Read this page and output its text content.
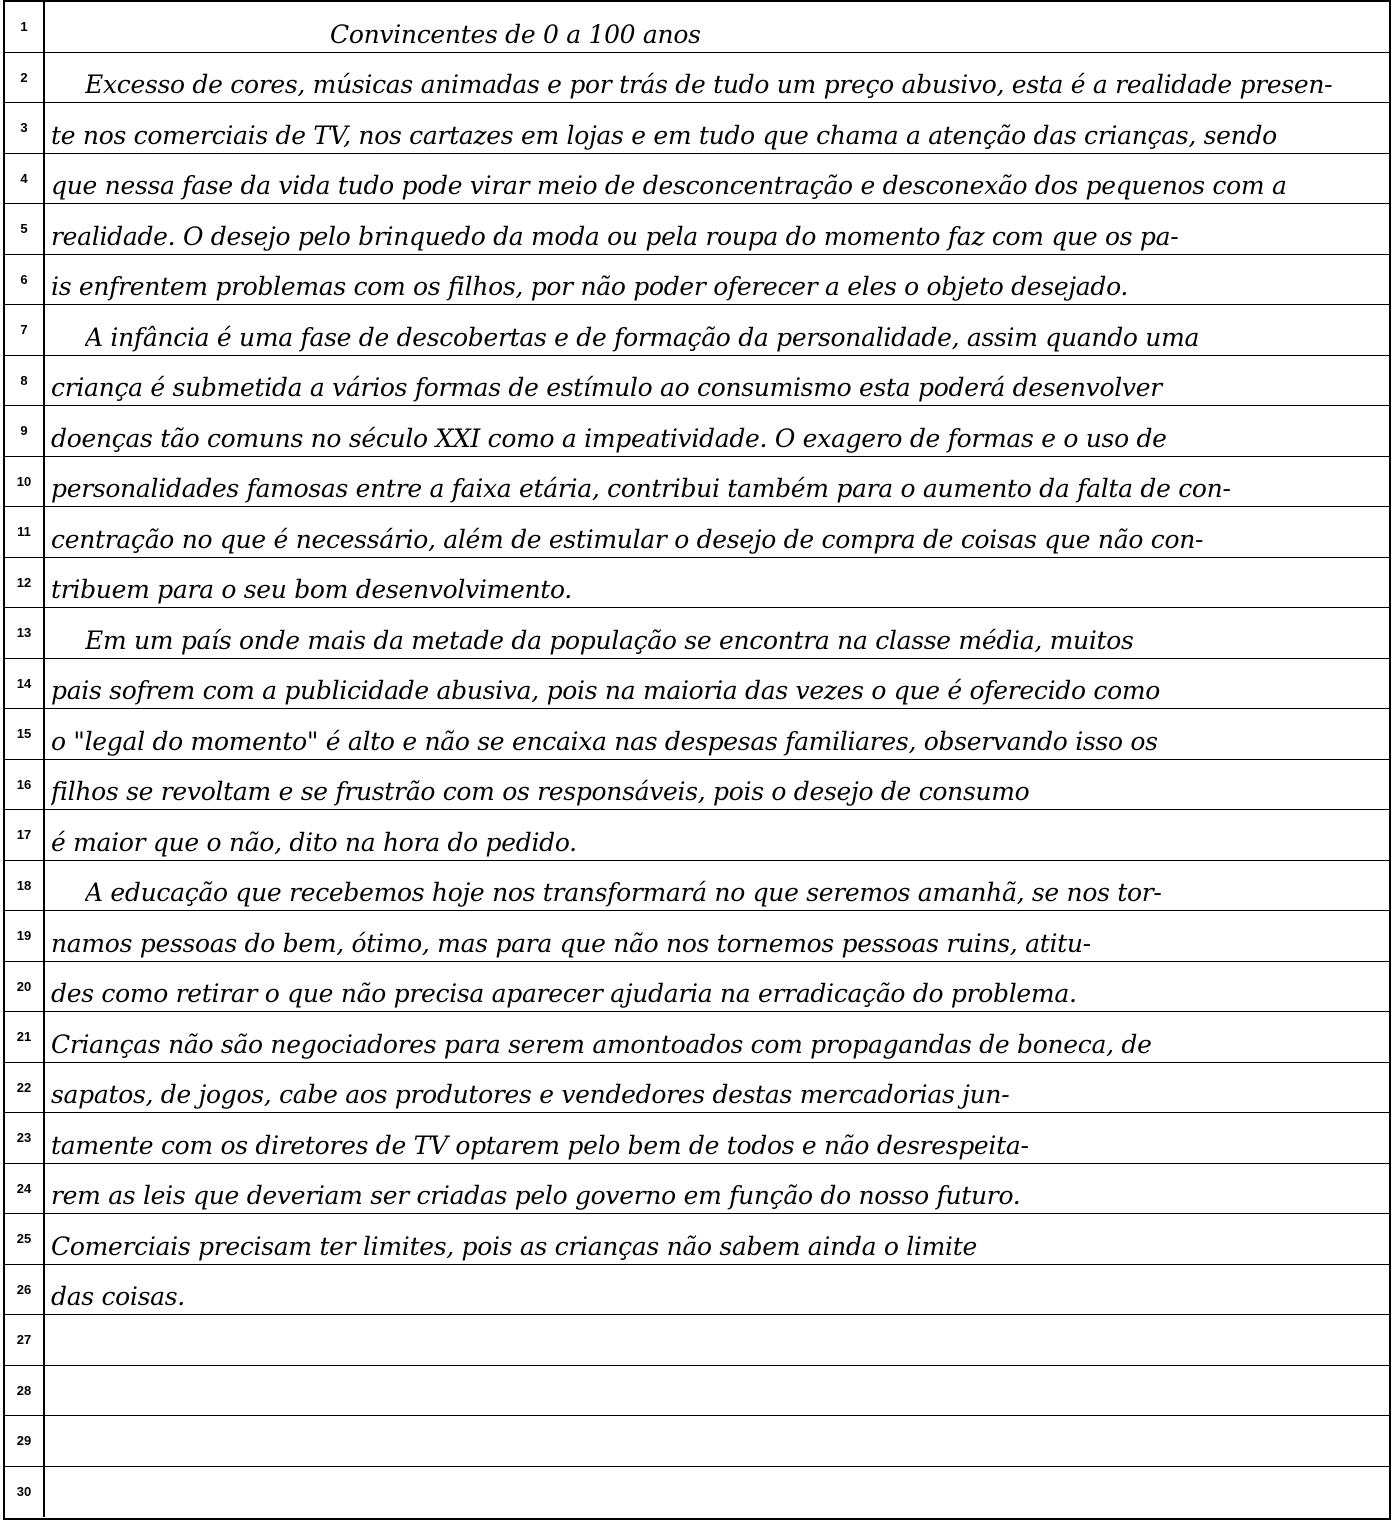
1	Convincentes de 0 a 100 anos
2	Excesso de cores, músicas animadas e por trás de tudo um preço abusivo, esta é a realidade presen-
3 te nos comerciais de TV, nos cartazes em lojas e em tudo que chama a atenção das crianças, sendo
4 que nessa fase da vida tudo pode virar meio de desconcentração e desconexão dos pequenos com a
5 realidade. O desejo pelo brinquedo da moda ou pela roupa do momento faz com que os pa-
6 is enfrentem problemas com os filhos, por não poder oferecer a eles o objeto desejado.
7	A infância é uma fase de descobertas e de formação da personalidade, assim quando uma
8 criança é submetida a vários formas de estímulo ao consumismo esta poderá desenvolver
9 doenças tão comuns no século XXI como a impeatividade. O exagero de formas e o uso de
10 personalidades famosas entre a faixa etária, contribui também para o aumento da falta de con-
11 centração no que é necessário, além de estimular o desejo de compra de coisas que não con-
12 tribuem para o seu bom desenvolvimento.
13	Em um país onde mais da metade da população se encontra na classe média, muitos
14 pais sofrem com a publicidade abusiva, pois na maioria das vezes o que é oferecido como
15 o "legal do momento" é alto e não se encaixa nas despesas familiares, observando isso os
16 filhos se revoltam e se frustrão com os responsáveis, pois o desejo de consumo
17 é maior que o não, dito na hora do pedido.
18	A educação que recebemos hoje nos transformará no que seremos amanhã, se nos tor-
19 namos pessoas do bem, ótimo, mas para que não nos tornemos pessoas ruins, atitu-
20 des como retirar o que não precisa aparecer ajudaria na erradicação do problema.
21 Crianças não são negociadores para serem amontoados com propagandas de boneca, de
22 sapatos, de jogos, cabe aos produtores e vendedores destas mercadorias jun-
23 tamente com os diretores de TV optarem pelo bem de todos e não desrespeita-
24 rem as leis que deveriam ser criadas pelo governo em função do nosso futuro.
25 Comerciais precisam ter limites, pois as crianças não sabem ainda o limite
26 das coisas.
27
28
29
30
